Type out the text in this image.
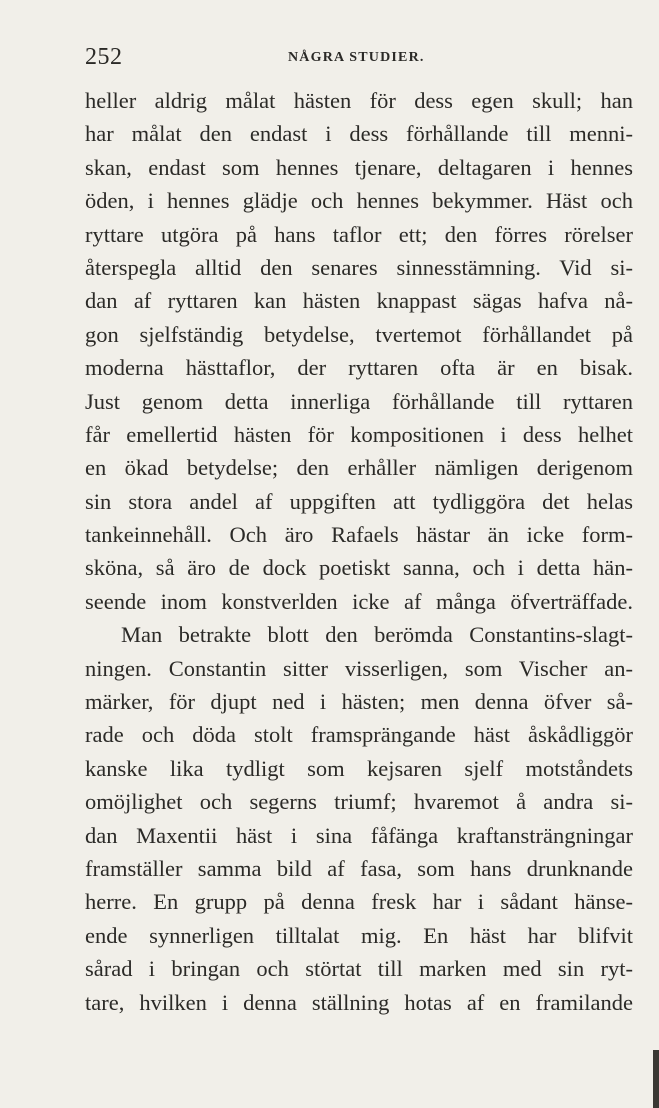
252	NÅGRA STUDIER.
heller aldrig målat hästen för dess egen skull; han
har målat den endast i dess förhållande till menni-
skan, endast som hennes tjenare, deltagaren i hennes
öden, i hennes glädje och hennes bekymmer. Häst och
ryttare utgöra på hans taflor ett; den förres rörelser
återspegla alltid den senares sinnesstämning. Vid si-
dan af ryttaren kan hästen knappast sägas hafva nå-
gon sjelfständig betydelse, tvertemot förhållandet på
moderna hästtaflor, der ryttaren ofta är en bisak.
Just genom detta innerliga förhållande till ryttaren
får emellertid hästen för kompositionen i dess helhet
en ökad betydelse; den erhåller nämligen derigenom
sin stora andel af uppgiften att tydliggöra det helas
tankeinnehåll. Och äro Rafaels hästar än icke form-
sköna, så äro de dock poetiskt sanna, och i detta hän-
seende inom konstverlden icke af många öfverträffade.
Man betrakte blott den berömda Constantins-slagt-
ningen. Constantin sitter visserligen, som Vischer an-
märker, för djupt ned i hästen; men denna öfver så-
rade och döda stolt framsprängande häst åskådliggör
kanske lika tydligt som kejsaren sjelf motståndets
omöjlighet och segerns triumf; hvaremot å andra si-
dan Maxentii häst i sina fåfänga kraftansträngningar
framställer samma bild af fasa, som hans drunknande
herre. En grupp på denna fresk har i sådant hänse-
ende synnerligen tilltalat mig. En häst har blifvit
sårad i bringan och störtat till marken med sin ryt-
tare, hvilken i denna ställning hotas af en framilande
